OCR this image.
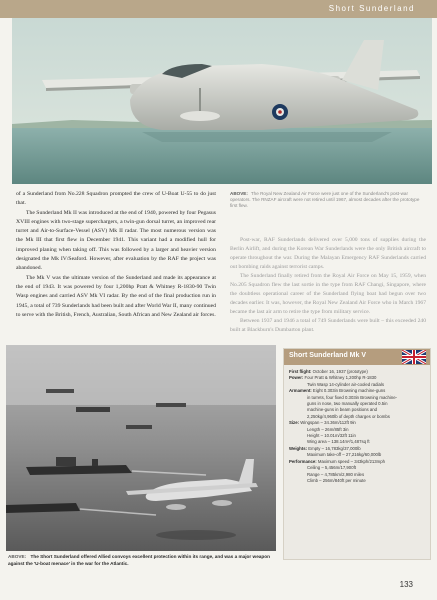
Short Sunderland
ABOVE: The Royal New Zealand Air Force were just one of the Sunderland's post-war operators. The RNZAF aircraft were not retired until 1967, almost decades after the prototype first flew.

of a Sunderland from No.228 Squadron prompted the crew of U-Boat U-55 to do just that.

The Sunderland Mk II was introduced at the end of 1940, powered by four Pegasus XVIII engines with two-stage superchargers, a twin-gun dorsal turret, an improved rear turret and Air-to-Surface-Vessel (ASV) Mk II radar. The most numerous version was the Mk III that first flew in December 1941. This variant had a modified hull for improved planing when taking off. This was followed by a larger and heavier version designated the Mk IV/Seaford. However, after evaluation by the RAF the project was abandoned.

The Mk V was the ultimate version of the Sunderland and made its appearance at the end of 1943. It was powered by four 1,200hp Pratt & Whitney R-1830-90 Twin Wasp engines and carried ASV Mk VI radar. By the end of the final production run in 1945, a total of 739 Sunderlands had been built and after World War II, many continued to serve with the British, French, Australian, South African and New Zealand air forces.

Post-war, RAF Sunderlands delivered over 5,000 tons of supplies during the Berlin Airlift, and during the Korean War Sunderlands were the only British aircraft to operate throughout the war. During the Malayan Emergency RAF Sunderlands carried out bombing raids against terrorist camps.

The Sunderland finally retired from the Royal Air Force on May 15, 1959, when No.205 Squadron flew the last sortie in the type from RAF Changi, Singapore, where the doubtless operational career of the Sunderland flying boat had begun over two decades earlier. It was, however, the Royal New Zealand Air Force who in March 1967 became the last air arm to retire the type from military service.

Between 1937 and 1946 a total of 749 Sunderlands were built – this exceeded 240 built at Blackburn's Dumbarton plant.

ABOVE: The Short Sunderland offered Allied convoys excellent protection within its range, and was a major weapon against the 'U-boat menace' in the war for the Atlantic.
Short Sunderland Mk V
First flight: October 16, 1937 (prototype)
Power: Four Pratt & Whitney 1,200hp R-1830
Twin Wasp 14-cylinder air-cooled radials
Armament: Eight 0.303in Browning machine-guns
in turrets, four fixed 0.303in Browning machine-
guns in nose, two manually operated 0.5in
machine-guns in beam positions and
2,250kg/4,960lb of depth charges or bombs
Size: Wingspan – 34.36m/112ft 9in
Length – 26m/85ft 3in
Height – 10.01m/32ft 11in
Wing area – 138.14m²/1,487sq ft
Weights: Empty – 16,783kg/37,000lb
Maximum take-off – 27,216kg/60,000lb
Performance: Maximum speed – 343kph/213mph
Ceiling – 5,456m/17,900ft
Range – 4,785km/2,980 miles
Climb – 256m/840ft per minute
133
